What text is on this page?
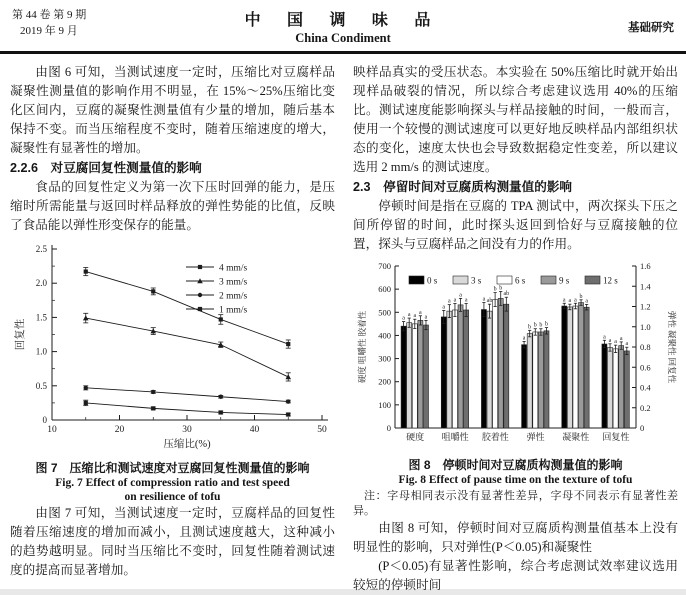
第 44 卷 第 9 期
2019 年 9 月
中 国 调 味 品
China Condiment
基础研究

由图 6 可知，当测试速度一定时，压缩比对豆腐样品凝聚性测量值的影响作用不明显，在 15%～25%压缩比变化区间内，豆腐的凝聚性测量值有少量的增加，随后基本保持不变。而当压缩程度不变时，随着压缩速度的增大，凝聚性有显著性的增加。

2.2.6　对豆腐回复性测量值的影响

食品的回复性定义为第一次下压时回弹的能力，是压缩时所需能量与返回时样品释放的弹性势能的比值，反映了食品能以弹性形变保存的能量。

0
0.5
1.0
1.5
2.0
2.5
10	20	30	40	50
压缩比(%)
回复性
4 mm/s
3 mm/s
2 mm/s
1 mm/s

图 7　压缩比和测试速度对豆腐回复性测量值的影响

Fig. 7 Effect of compression ratio and test speed

on resilience of tofu

由图 7 可知，当测试速度一定时，豆腐样品的回复性随着压缩速度的增加而减小，且测试速度越大，这种减小的趋势越明显。同时当压缩比不变时，回复性随着测试速度的提高而显著增加。

映样品真实的受压状态。本实验在 50%压缩比时就开始出现样品破裂的情况，所以综合考虑建议选用 40%的压缩比。测试速度能影响探头与样品接触的时间，一般而言，使用一个较慢的测试速度可以更好地反映样品内部组织状态的变化，速度太快也会导致数据稳定性变差，所以建议选用 2 mm/s 的测试速度。

2.3　停留时间对豆腐质构测量值的影响

停顿时间是指在豆腐的 TPA 测试中，两次探头下压之间所停留的时间，此时探头返回到恰好与豆腐接触的位置，探头与豆腐样品之间没有力的作用。

0
100
200
300
400
500
600
700
0
0.2
0.4
0.6
0.8
1.0
1.2
1.4
1.6
硬度 咀嚼性 胶着性	弹性 凝聚性 回复性
a
a a
a
a
硬度
a
a a
a
a
咀嚼性
a ab
b b
ab
胶着性
a
b b b b
弹性
a a a
b
a
凝聚性
a
a a
a
a
回复性
0 s	3 s	6 s	9 s	12 s

图 8　停顿时间对豆腐质构测量值的影响

Fig. 8 Effect of pause time on the texture of tofu

注：字母相同表示没有显著性差异，字母不同表示有显著性差异。

由图 8 可知，停顿时间对豆腐质构测量值基本上没有明显性的影响，只对弹性(P＜0.05)和凝聚性

(P＜0.05)有显著性影响，综合考虑测试效率建议选用较短的停顿时间
